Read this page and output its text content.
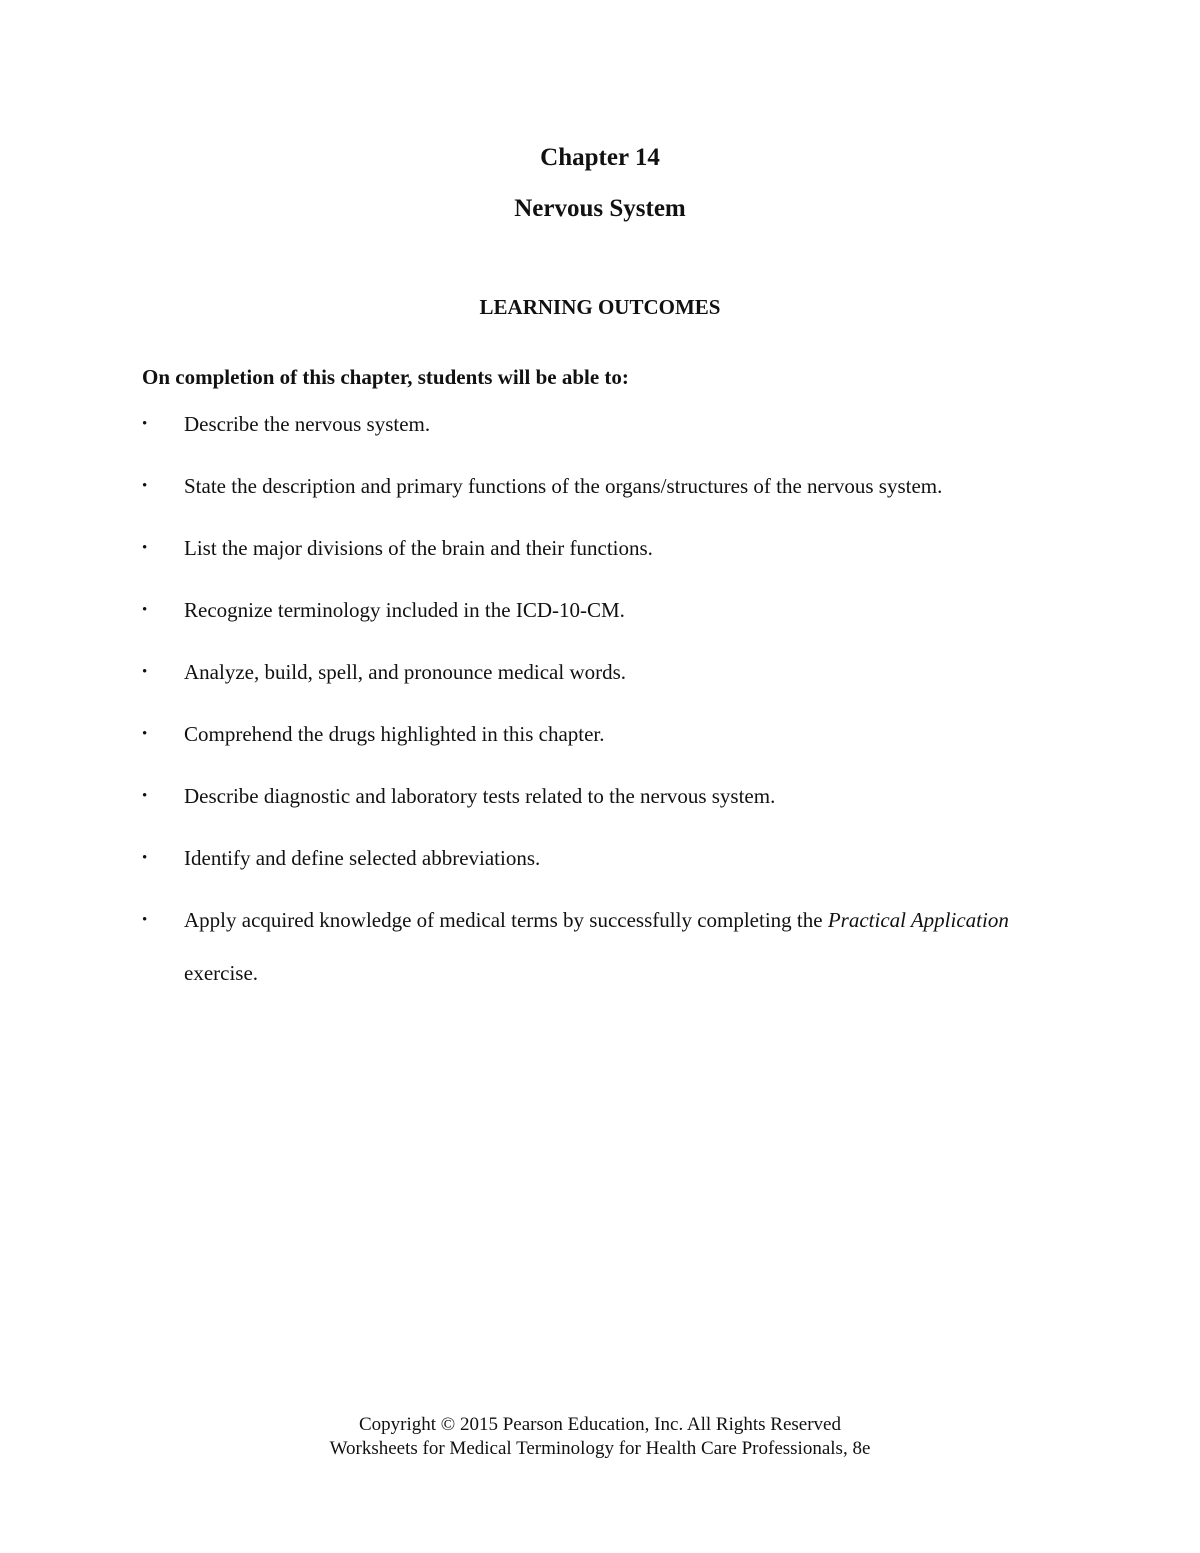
Chapter 14
Nervous System
LEARNING OUTCOMES
On completion of this chapter, students will be able to:
• Describe the nervous system.
• State the description and primary functions of the organs/structures of the nervous system.
• List the major divisions of the brain and their functions.
• Recognize terminology included in the ICD-10-CM.
• Analyze, build, spell, and pronounce medical words.
• Comprehend the drugs highlighted in this chapter.
• Describe diagnostic and laboratory tests related to the nervous system.
• Identify and define selected abbreviations.
• Apply acquired knowledge of medical terms by successfully completing the Practical Application exercise.
Copyright © 2015 Pearson Education, Inc. All Rights Reserved
Worksheets for Medical Terminology for Health Care Professionals, 8e
